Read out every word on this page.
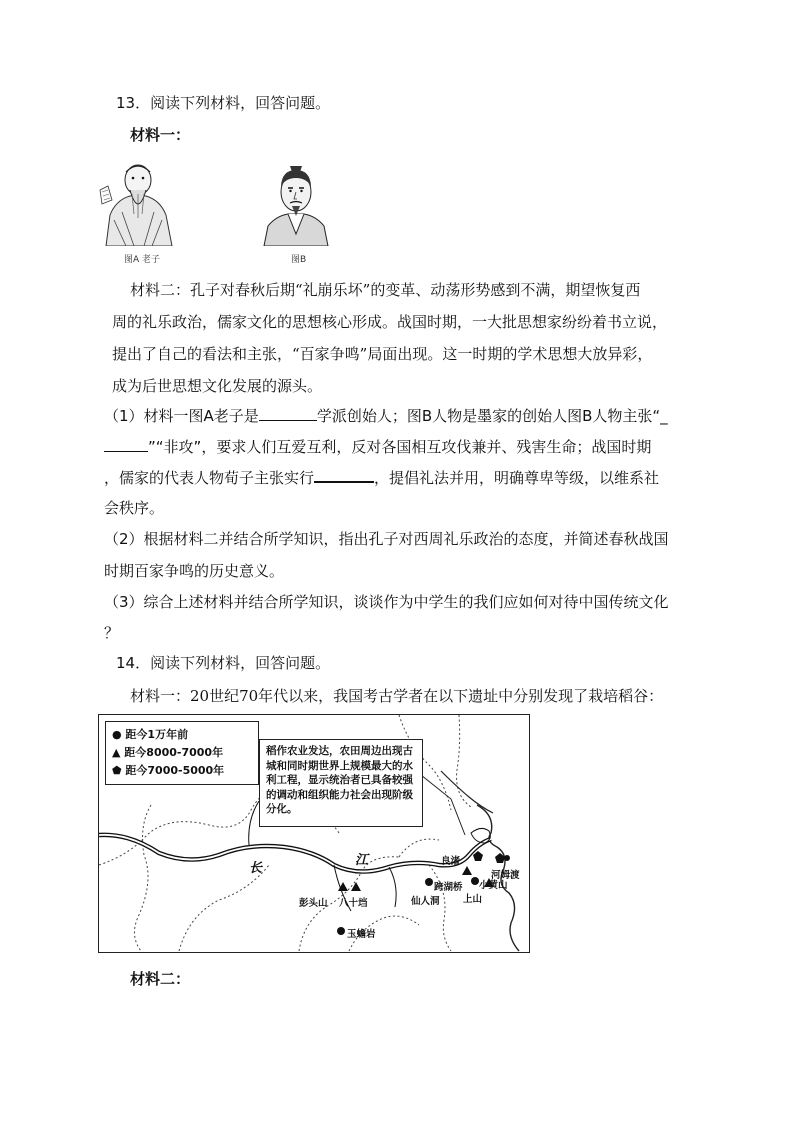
13．阅读下列材料，回答问题。
材料一：
图A 老子	图B
材料二：孔子对春秋后期“礼崩乐坏”的变革、动荡形势感到不满，期望恢复西
周的礼乐政治，儒家文化的思想核心形成。战国时期，一大批思想家纷纷着书立说，
提出了自己的看法和主张，“百家争鸣”局面出现。这一时期的学术思想大放异彩，
成为后世思想文化发展的源头。
（1）材料一图A老子是	学派创始人；图B人物是墨家的创始人图B人物主张“_
”“非攻”，要求人们互爱互利，反对各国相互攻伐兼并、残害生命；战国时期
，儒家的代表人物荀子主张实行	，提倡礼法并用，明确尊卑等级，以维系社
会秩序。
（2）根据材料二并结合所学知识，指出孔子对西周礼乐政治的态度，并简述春秋战国
时期百家争鸣的历史意义。
（3）综合上述材料并结合所学知识，谈谈作为中学生的我们应如何对待中国传统文化
？
14．阅读下列材料，回答问题。
材料一：20世纪70年代以来，我国考古学者在以下遗址中分别发现了栽培稻谷：
● 距今1万年前
▲ 距今8000-7000年
⬟ 距今7000-5000年
稻作农业发达，农田周边出现古城和同时期世界上规模最大的水利工程，显示统治者已具备较强的调动和组织能力社会出现阶级分化。
长
江	良渚
河姆渡
跨湖桥 小黄山
仙人洞 上山
彭头山 八十垱
玉蟾岩
材料二：
